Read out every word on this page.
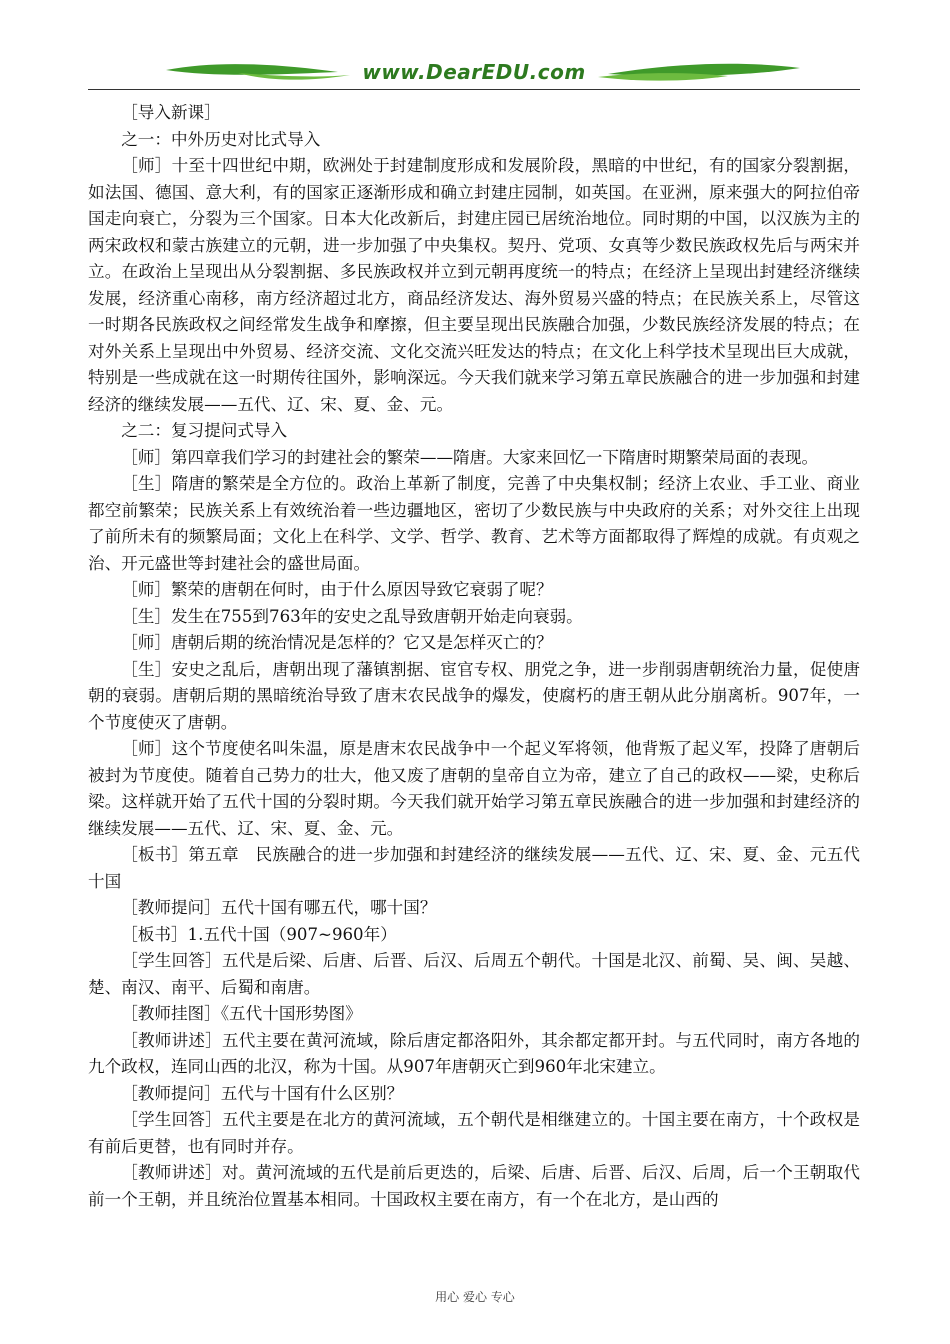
www.DearEDU.com

［导入新课］

之一：中外历史对比式导入

［师］十至十四世纪中期，欧洲处于封建制度形成和发展阶段，黑暗的中世纪，有的国家分裂割据，如法国、德国、意大利，有的国家正逐渐形成和确立封建庄园制，如英国。在亚洲，原来强大的阿拉伯帝国走向衰亡，分裂为三个国家。日本大化改新后，封建庄园已居统治地位。同时期的中国，以汉族为主的两宋政权和蒙古族建立的元朝，进一步加强了中央集权。契丹、党项、女真等少数民族政权先后与两宋并立。在政治上呈现出从分裂割据、多民族政权并立到元朝再度统一的特点；在经济上呈现出封建经济继续发展，经济重心南移，南方经济超过北方，商品经济发达、海外贸易兴盛的特点；在民族关系上，尽管这一时期各民族政权之间经常发生战争和摩擦，但主要呈现出民族融合加强，少数民族经济发展的特点；在对外关系上呈现出中外贸易、经济交流、文化交流兴旺发达的特点；在文化上科学技术呈现出巨大成就，特别是一些成就在这一时期传往国外，影响深远。今天我们就来学习第五章民族融合的进一步加强和封建经济的继续发展——五代、辽、宋、夏、金、元。

之二：复习提问式导入

［师］第四章我们学习的封建社会的繁荣——隋唐。大家来回忆一下隋唐时期繁荣局面的表现。

［生］隋唐的繁荣是全方位的。政治上革新了制度，完善了中央集权制；经济上农业、手工业、商业都空前繁荣；民族关系上有效统治着一些边疆地区，密切了少数民族与中央政府的关系；对外交往上出现了前所未有的频繁局面；文化上在科学、文学、哲学、教育、艺术等方面都取得了辉煌的成就。有贞观之治、开元盛世等封建社会的盛世局面。

［师］繁荣的唐朝在何时，由于什么原因导致它衰弱了呢？

［生］发生在755到763年的安史之乱导致唐朝开始走向衰弱。

［师］唐朝后期的统治情况是怎样的？它又是怎样灭亡的？

［生］安史之乱后，唐朝出现了藩镇割据、宦官专权、朋党之争，进一步削弱唐朝统治力量，促使唐朝的衰弱。唐朝后期的黑暗统治导致了唐末农民战争的爆发，使腐朽的唐王朝从此分崩离析。907年，一个节度使灭了唐朝。

［师］这个节度使名叫朱温，原是唐末农民战争中一个起义军将领，他背叛了起义军，投降了唐朝后被封为节度使。随着自己势力的壮大，他又废了唐朝的皇帝自立为帝，建立了自己的政权——梁，史称后梁。这样就开始了五代十国的分裂时期。今天我们就开始学习第五章民族融合的进一步加强和封建经济的继续发展——五代、辽、宋、夏、金、元。

［板书］第五章　民族融合的进一步加强和封建经济的继续发展——五代、辽、宋、夏、金、元五代十国

［教师提问］五代十国有哪五代，哪十国？

［板书］1.五代十国（907~960年）

［学生回答］五代是后梁、后唐、后晋、后汉、后周五个朝代。十国是北汉、前蜀、吴、闽、吴越、楚、南汉、南平、后蜀和南唐。

［教师挂图］《五代十国形势图》

［教师讲述］五代主要在黄河流域，除后唐定都洛阳外，其余都定都开封。与五代同时，南方各地的九个政权，连同山西的北汉，称为十国。从907年唐朝灭亡到960年北宋建立。

［教师提问］五代与十国有什么区别？

［学生回答］五代主要是在北方的黄河流域，五个朝代是相继建立的。十国主要在南方，十个政权是有前后更替，也有同时并存。

［教师讲述］对。黄河流域的五代是前后更迭的，后梁、后唐、后晋、后汉、后周，后一个王朝取代前一个王朝，并且统治位置基本相同。十国政权主要在南方，有一个在北方，是山西的

用心 爱心 专心
